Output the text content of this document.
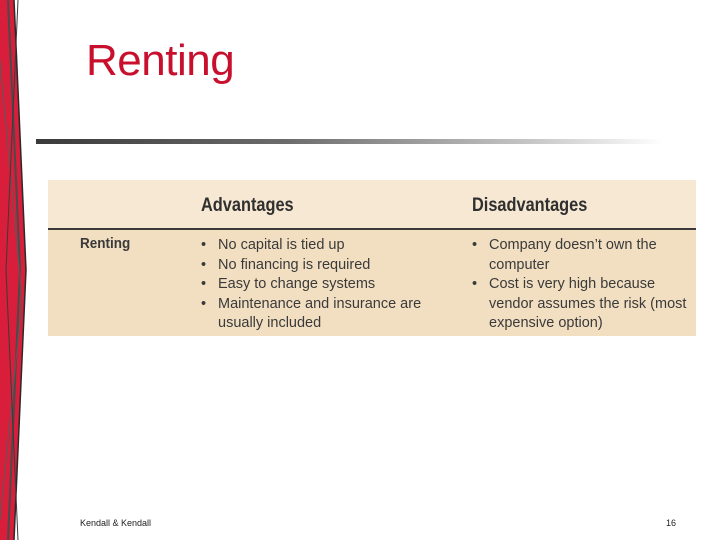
Renting
Advantages	Disadvantages
Renting
•	No capital is tied up
• No financing is required
• Easy to change systems
• Maintenance and insurance are usually included
• Company doesn’t own the computer
• Cost is very high because vendor assumes the risk (most expensive option)
Kendall & Kendall	16
